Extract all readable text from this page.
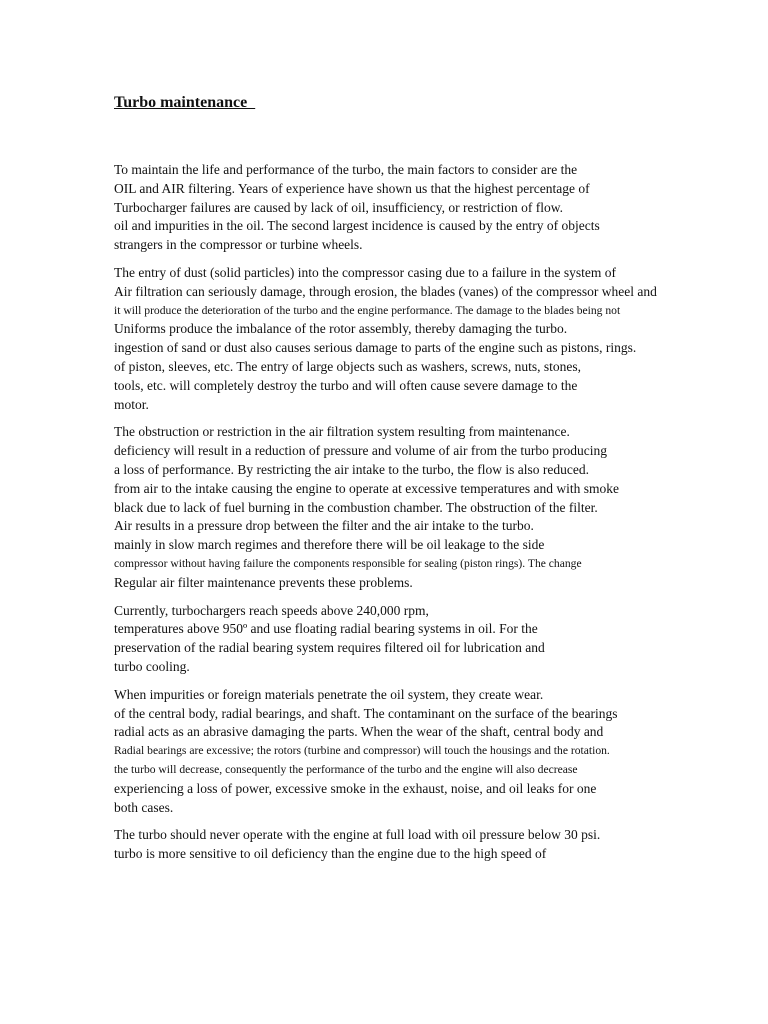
Turbo maintenance

To maintain the life and performance of the turbo, the main factors to consider are the
OIL and AIR filtering. Years of experience have shown us that the highest percentage of
Turbocharger failures are caused by lack of oil, insufficiency, or restriction of flow.
oil and impurities in the oil. The second largest incidence is caused by the entry of objects
strangers in the compressor or turbine wheels.

The entry of dust (solid particles) into the compressor casing due to a failure in the system of
Air filtration can seriously damage, through erosion, the blades (vanes) of the compressor wheel and
it will produce the deterioration of the turbo and the engine performance. The damage to the blades being not
Uniforms produce the imbalance of the rotor assembly, thereby damaging the turbo.
ingestion of sand or dust also causes serious damage to parts of the engine such as pistons, rings.
of piston, sleeves, etc. The entry of large objects such as washers, screws, nuts, stones,
tools, etc. will completely destroy the turbo and will often cause severe damage to the
motor.

The obstruction or restriction in the air filtration system resulting from maintenance.
deficiency will result in a reduction of pressure and volume of air from the turbo producing
a loss of performance. By restricting the air intake to the turbo, the flow is also reduced.
from air to the intake causing the engine to operate at excessive temperatures and with smoke
black due to lack of fuel burning in the combustion chamber. The obstruction of the filter.
Air results in a pressure drop between the filter and the air intake to the turbo.
mainly in slow march regimes and therefore there will be oil leakage to the side
compressor without having failure the components responsible for sealing (piston rings). The change
Regular air filter maintenance prevents these problems.

Currently, turbochargers reach speeds above 240,000 rpm,
temperatures above 950º and use floating radial bearing systems in oil. For the
preservation of the radial bearing system requires filtered oil for lubrication and
turbo cooling.

When impurities or foreign materials penetrate the oil system, they create wear.
of the central body, radial bearings, and shaft. The contaminant on the surface of the bearings
radial acts as an abrasive damaging the parts. When the wear of the shaft, central body and
Radial bearings are excessive; the rotors (turbine and compressor) will touch the housings and the rotation.
the turbo will decrease, consequently the performance of the turbo and the engine will also decrease
experiencing a loss of power, excessive smoke in the exhaust, noise, and oil leaks for one
both cases.

The turbo should never operate with the engine at full load with oil pressure below 30 psi.
turbo is more sensitive to oil deficiency than the engine due to the high speed of
